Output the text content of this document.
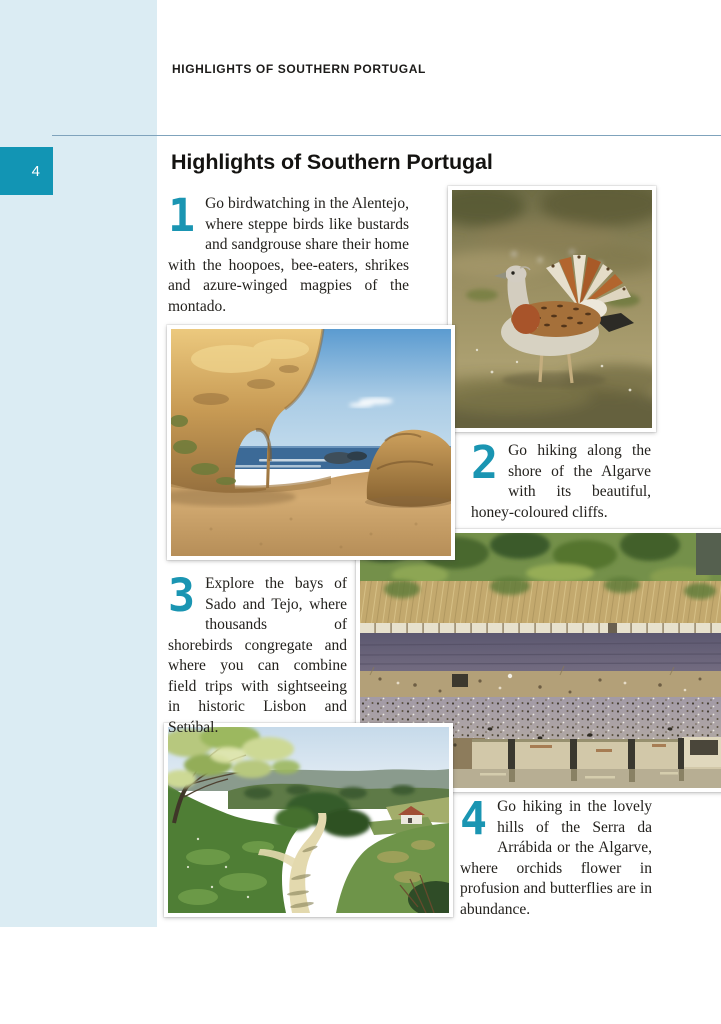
4
HIGHLIGHTS OF SOUTHERN PORTUGAL
Highlights of Southern Portugal

1 Go birdwatching in the Alentejo, where steppe birds like bustards and sandgrouse share their home with the hoopoes, bee-eaters, shrikes and azure-winged magpies of the montado.

2 Go hiking along the shore of the Algarve with its beautiful, honey-coloured cliffs.

3 Explore the bays of Sado and Tejo, where thousands of shorebirds congregate and where you can combine field trips with sightseeing in historic Lisbon and Setúbal.

4 Go hiking in the lovely hills of the Serra da Arrábida or the Algarve, where orchids flower in profusion and butterflies are in abundance.
